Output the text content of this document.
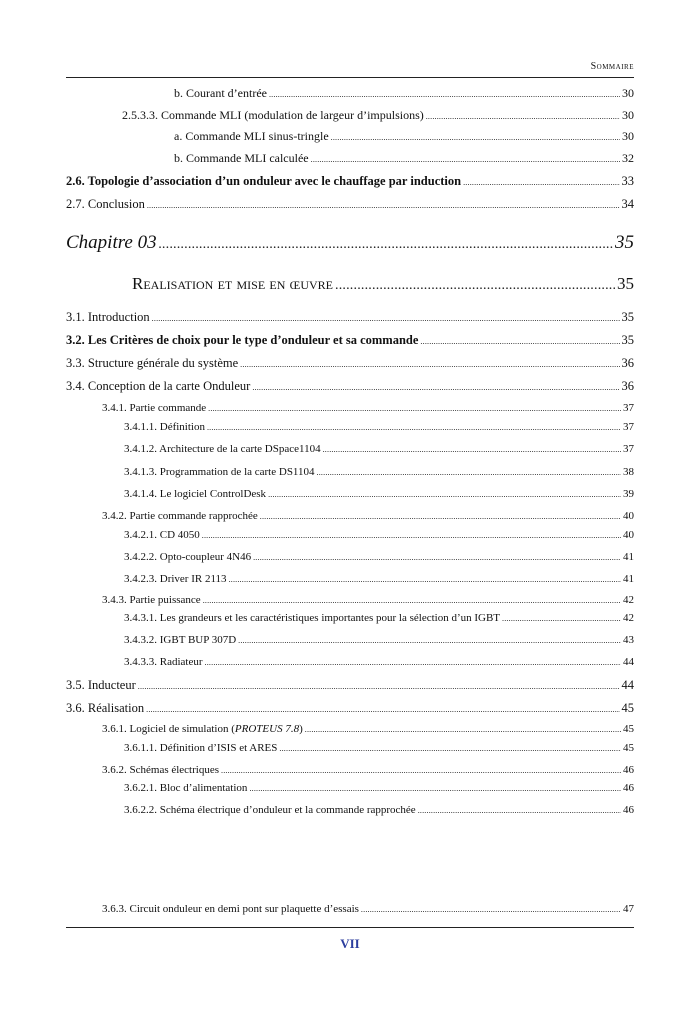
Sommaire
b. Courant d’entrée .....	30
2.5.3.3. Commande MLI (modulation de largeur d’impulsions) .....	30
a. Commande MLI sinus-tringle .....	30
b. Commande MLI calculée .....	32
2.6. Topologie d’association d’un onduleur avec le chauffage par induction .....	33
2.7. Conclusion .....	34
Chapitre 03 .....	35
Realisation et mise en œuvre .....	35
3.1. Introduction .....	35
3.2. Les Critères de choix pour le type d’onduleur et sa commande .....	35
3.3. Structure générale du système .....	36
3.4. Conception de la carte Onduleur .....	36
3.4.1. Partie commande .....	37
3.4.1.1. Définition .....	37
3.4.1.2. Architecture de la carte DSpace1104 .....	37
3.4.1.3. Programmation de la carte DS1104 .....	38
3.4.1.4. Le logiciel ControlDesk .....	39
3.4.2. Partie commande rapprochée .....	40
3.4.2.1. CD 4050 .....	40
3.4.2.2. Opto-coupleur 4N46 .....	41
3.4.2.3. Driver IR 2113 .....	41
3.4.3. Partie puissance .....	42
3.4.3.1. Les grandeurs et les caractéristiques importantes pour la sélection d’un IGBT .....	42
3.4.3.2. IGBT BUP 307D .....	43
3.4.3.3. Radiateur .....	44
3.5. Inducteur .....	44
3.6. Réalisation .....	45
3.6.1. Logiciel de simulation (PROTEUS 7.8) .....	45
3.6.1.1. Définition d’ISIS et ARES .....	45
3.6.2. Schémas électriques .....	46
3.6.2.1. Bloc d’alimentation .....	46
3.6.2.2. Schéma électrique d’onduleur et la commande rapprochée .....	46
3.6.3. Circuit onduleur en demi pont sur plaquette d’essais .....	47
VII
